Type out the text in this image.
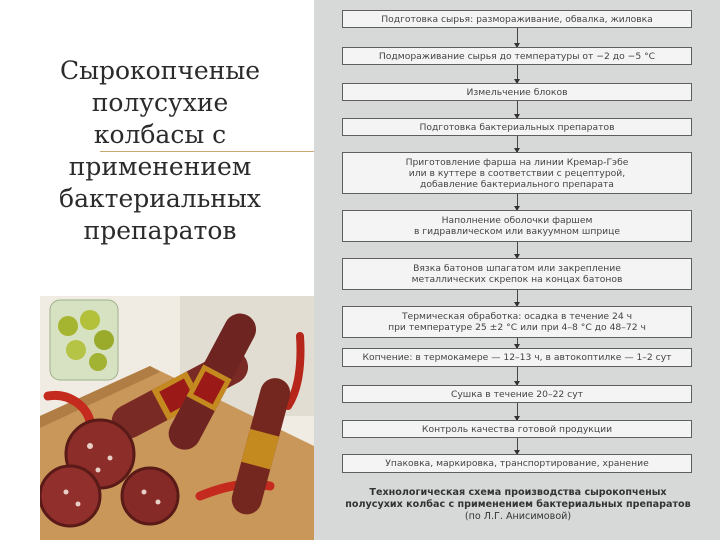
Сырокопченые
полусухие
колбасы с
применением
бактериальных
препаратов
Подготовка сырья: размораживание, обвалка, жиловка
Подмораживание сырья до температуры от −2 до −5 °С
Измельчение блоков
Подготовка бактериальных препаратов
Приготовление фарша на линии Кремар-Гэбе
или в куттере в соответствии с рецептурой,
добавление бактериального препарата
Наполнение оболочки фаршем
в гидравлическом или вакуумном шприце
Вязка батонов шпагатом или закрепление
металлических скрепок на концах батонов
Термическая обработка: осадка в течение 24 ч
при температуре 25 ±2 °С или при 4–8 °С до 48–72 ч
Копчение: в термокамере — 12–13 ч, в автокоптилке — 1–2 сут
Сушка в течение 20–22 сут
Контроль качества готовой продукции
Упаковка, маркировка, транспортирование, хранение
Технологическая схема производства сырокопченых
полусухих колбас с применением бактериальных препаратов
(по Л.Г. Анисимовой)
